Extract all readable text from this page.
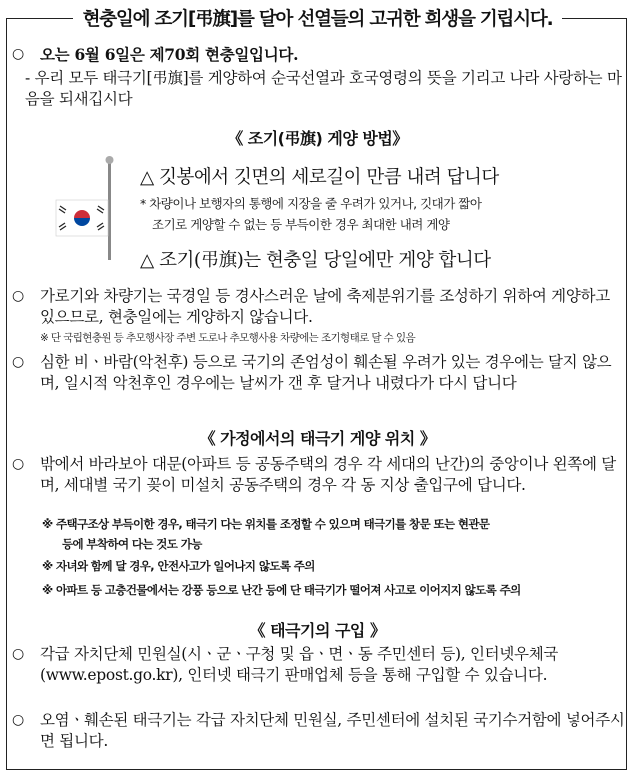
현충일에 조기[弔旗]를 달아 선열들의 고귀한 희생을 기립시다.
○ 오는 6월 6일은 제70회 현충일입니다.
- 우리 모두 태극기[弔旗]를 게양하여 순국선열과 호국영령의 뜻을 기리고 나라 사랑하는 마음을 되새깁시다
《 조기(弔旗) 게양 방법》
△ 깃봉에서 깃면의 세로길이 만큼 내려 답니다
* 차량이나 보행자의 통행에 지장을 줄 우려가 있거나, 깃대가 짧아
조기로 게양할 수 없는 등 부득이한 경우 최대한 내려 게양
△ 조기(弔旗)는 현충일 당일에만 게양 합니다
○ 가로기와 차량기는 국경일 등 경사스러운 날에 축제분위기를 조성하기 위하여 게양하고 있으므로, 현충일에는 게양하지 않습니다.
※ 단 국립현충원 등 추모행사장 주변 도로나 추모행사용 차량에는 조기형태로 달 수 있음
○ 심한 비ㆍ바람(악천후) 등으로 국기의 존엄성이 훼손될 우려가 있는 경우에는 달지 않으며, 일시적 악천후인 경우에는 날씨가 갠 후 달거나 내렸다가 다시 답니다
《 가정에서의 태극기 게양 위치 》
○ 밖에서 바라보아 대문(아파트 등 공동주택의 경우 각 세대의 난간)의 중앙이나 왼쪽에 달며, 세대별 국기 꽂이 미설치 공동주택의 경우 각 동 지상 출입구에 답니다.
※ 주택구조상 부득이한 경우, 태극기 다는 위치를 조정할 수 있으며 태극기를 창문 또는 현관문
등에 부착하여 다는 것도 가능
※ 자녀와 함께 달 경우, 안전사고가 일어나지 않도록 주의
※ 아파트 등 고층건물에서는 강풍 등으로 난간 등에 단 태극기가 떨어져 사고로 이어지지 않도록 주의
《 태극기의 구입 》
○ 각급 자치단체 민원실(시ㆍ군ㆍ구청 및 읍ㆍ면ㆍ동 주민센터 등), 인터넷우체국(www.epost.go.kr), 인터넷 태극기 판매업체 등을 통해 구입할 수 있습니다.
○ 오염ㆍ훼손된 태극기는 각급 자치단체 민원실, 주민센터에 설치된 국기수거함에 넣어주시면 됩니다.
